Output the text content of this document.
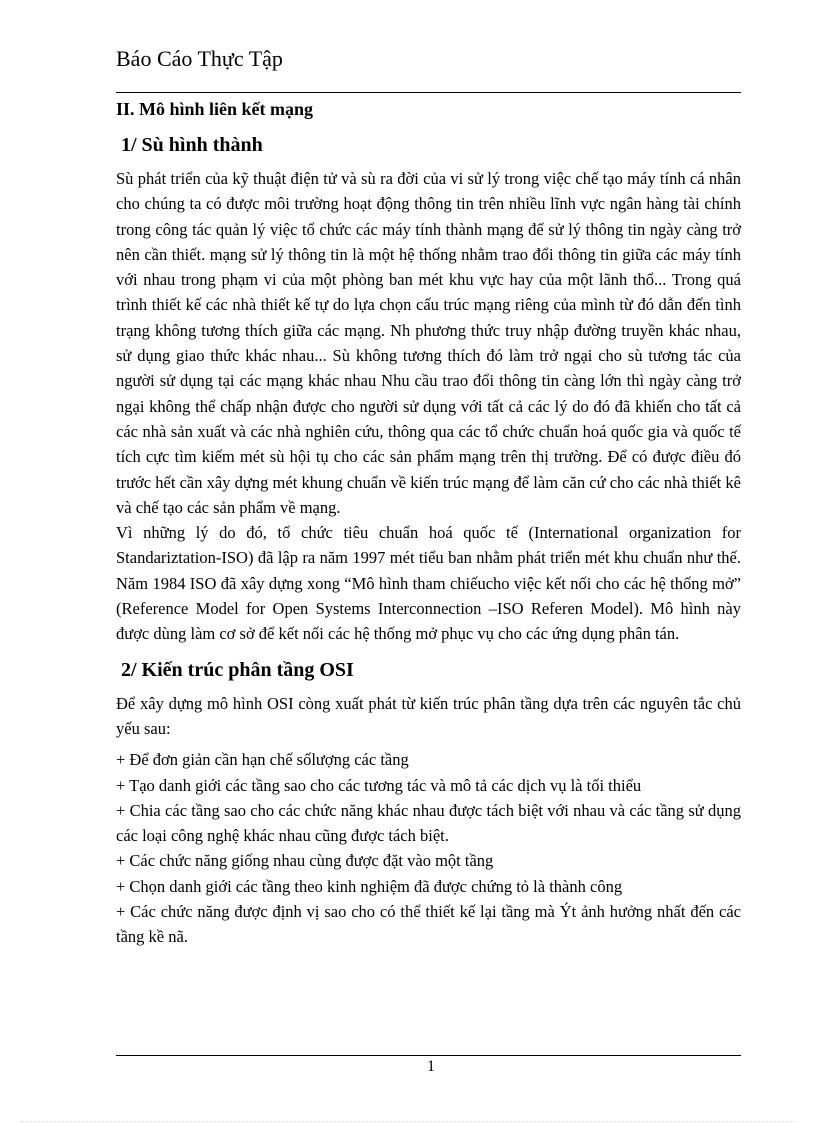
Báo Cáo Thực Tập
II. Mô hình liên kết mạng
1/ Sù hình thành

Sù phát triển của kỹ thuật điện tử và sù ra đời của vi sử lý trong việc chế tạo máy tính cá nhân cho chúng ta có được môi trường hoạt động thông tin trên nhiều lĩnh vực ngân hàng tài chính trong công tác quản lý việc tổ chức các máy tính thành mạng để sử lý thông tin ngày càng trở nên cần thiết. mạng sử lý thông tin là một hệ thống nhằm trao đổi thông tin giữa các máy tính với nhau trong phạm vi của một phòng ban mét khu vực hay của một lãnh thổ... Trong quá trình thiết kế các nhà thiết kế tự do lựa chọn cấu trúc mạng riêng của mình từ đó dẫn đến tình trạng không tương thích giữa các mạng. Nh phương thức truy nhập đường truyền khác nhau, sử dụng giao thức khác nhau... Sù không tương thích đó làm trở ngại cho sù tương tác của người sử dụng tại các mạng khác nhau Nhu cầu trao đổi thông tin càng lớn thì ngày càng trở ngại không thể chấp nhận được cho người sử dụng với tất cả các lý do đó đã khiến cho tất cả các nhà sản xuất và các nhà nghiên cứu, thông qua các tổ chức chuẩn hoá quốc gia và quốc tế tích cực tìm kiếm mét sù hội tụ cho các sản phẩm mạng trên thị trường. Để có được điều đó trước hết cần xây dựng mét khung chuẩn về kiến trúc mạng để làm căn cứ cho các nhà thiết kê và chế tạo các sản phẩm về mạng.

Vì những lý do đó, tổ chức tiêu chuẩn hoá quốc tế (International organization for Standariztation-ISO) đã lập ra năm 1997 mét tiểu ban nhằm phát triển mét khu chuẩn như thế. Năm 1984 ISO đã xây dựng xong “Mô hình tham chiếucho việc kết nối cho các hệ thống mở” (Reference Model for Open Systems Interconnection –ISO Referen Model). Mô hình này được dùng làm cơ sở để kết nối các hệ thống mở phục vụ cho các ứng dụng phân tán.

2/ Kiến trúc phân tầng OSI

Để xây dựng mô hình OSI còng xuất phát từ kiến trúc phân tầng dựa trên các nguyên tắc chủ yếu sau:

+ Để đơn giản cần hạn chế sốlượng các tầng
+ Tạo danh giới các tầng sao cho các tương tác và mô tả các dịch vụ là tối thiểu
+ Chia các tầng sao cho các chức năng khác nhau được tách biệt với nhau và các tầng sử dụng các loại công nghệ khác nhau cũng được tách biệt.
+ Các chức năng giống nhau cùng được đặt vào một tầng
+ Chọn danh giới các tầng theo kinh nghiệm đã được chứng tỏ là thành công
+ Các chức năng được định vị sao cho có thể thiết kế lại tầng mà Ýt ảnh hưởng nhất đến các tầng kề nã.
1
